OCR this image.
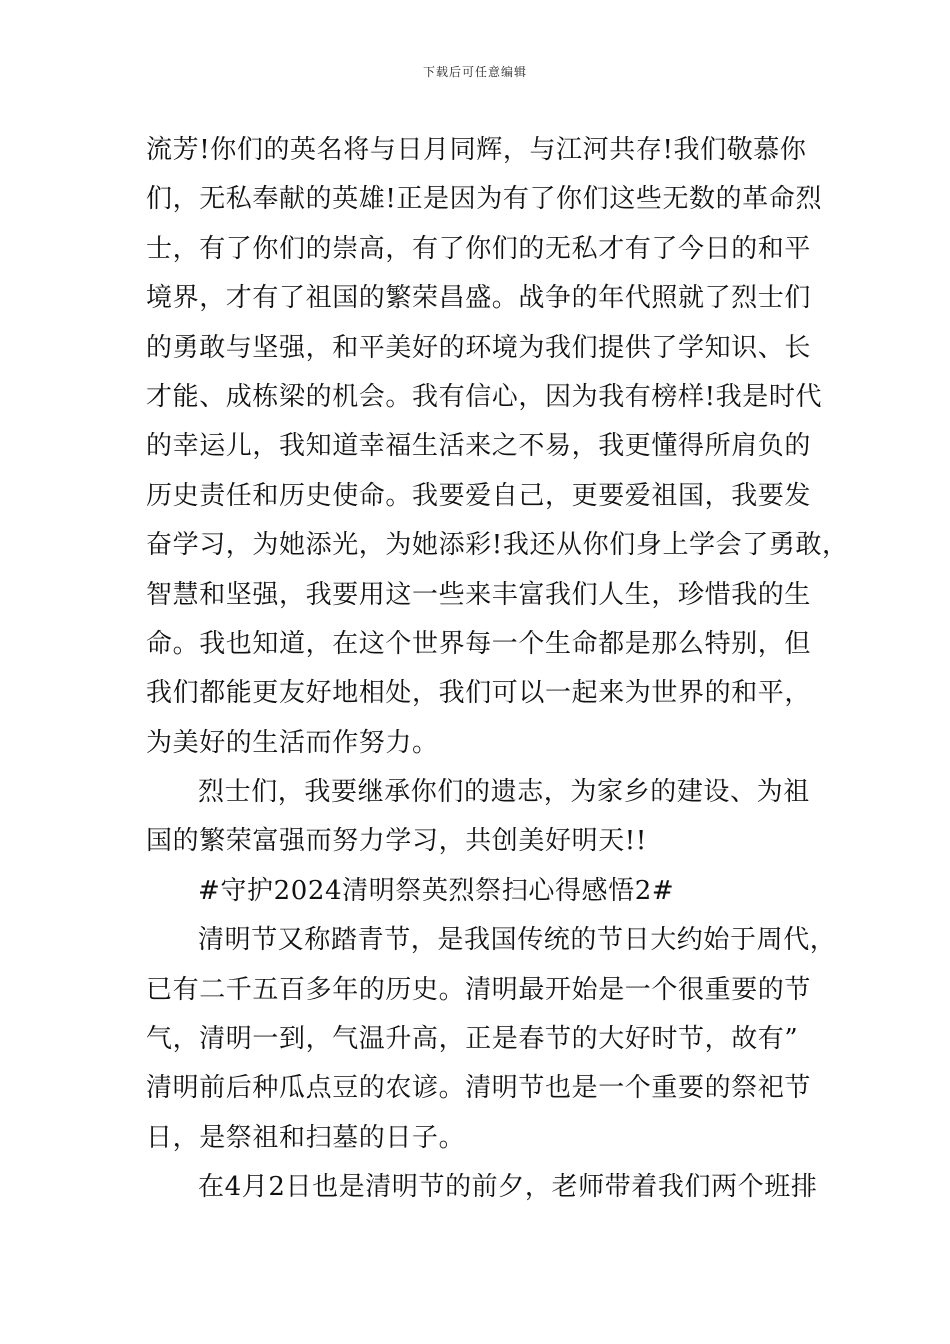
下载后可任意编辑
流芳!你们的英名将与日月同辉，与江河共存!我们敬慕你
们，无私奉献的英雄!正是因为有了你们这些无数的革命烈
士，有了你们的崇高，有了你们的无私才有了今日的和平
境界，才有了祖国的繁荣昌盛。战争的年代照就了烈士们
的勇敢与坚强，和平美好的环境为我们提供了学知识、长
才能、成栋梁的机会。我有信心，因为我有榜样!我是时代
的幸运儿，我知道幸福生活来之不易，我更懂得所肩负的
历史责任和历史使命。我要爱自己，更要爱祖国，我要发
奋学习，为她添光，为她添彩!我还从你们身上学会了勇敢，
智慧和坚强，我要用这一些来丰富我们人生，珍惜我的生
命。我也知道，在这个世界每一个生命都是那么特别，但
我们都能更友好地相处，我们可以一起来为世界的和平，
为美好的生活而作努力。
烈士们，我要继承你们的遗志，为家乡的建设、为祖
国的繁荣富强而努力学习，共创美好明天!!
#守护2024清明祭英烈祭扫心得感悟2#
清明节又称踏青节，是我国传统的节日大约始于周代，
已有二千五百多年的历史。清明最开始是一个很重要的节
气，清明一到，气温升高，正是春节的大好时节，故有”
清明前后种瓜点豆的农谚。清明节也是一个重要的祭祀节
日，是祭祖和扫墓的日子。
在4月2日也是清明节的前夕，老师带着我们两个班排
